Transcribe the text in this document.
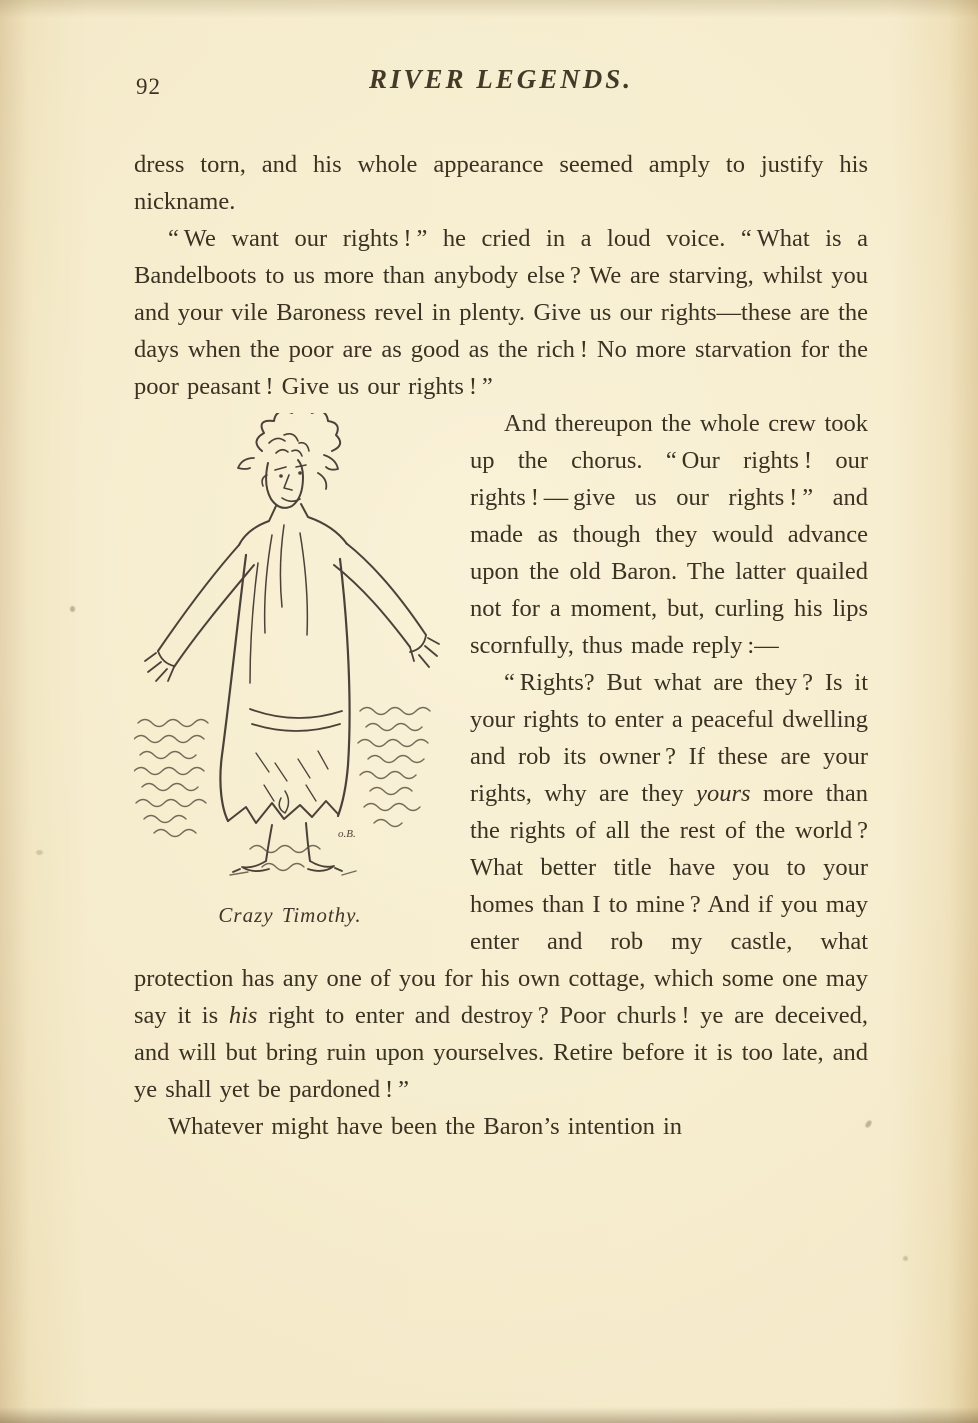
92	RIVER LEGENDS.

dress torn, and his whole appearance seemed amply to justify his nickname.

“ We want our rights ! ” he cried in a loud voice. “ What is a Bandelboots to us more than anybody else ? We are starving, whilst you and your vile Baroness revel in plenty. Give us our rights—these are the days when the poor are as good as the rich ! No more starvation for the poor peasant ! Give us our rights ! ”

o.B.
Crazy Timothy.

And thereupon the whole crew took up the chorus. “ Our rights ! our rights ! — give us our rights ! ” and made as though they would advance upon the old Baron. The latter quailed not for a moment, but, curling his lips scornfully, thus made reply :—

“ Rights? But what are they ? Is it your rights to enter a peaceful dwelling and rob its owner ? If these are your rights, why are they yours more than the rights of all the rest of the world ? What better title have you to your homes than I to mine ? And if you may enter and rob my castle, what protection has any one of you for his own cottage, which some one may say it is his right to enter and destroy ? Poor churls ! ye are deceived, and will but bring ruin upon yourselves. Retire before it is too late, and ye shall yet be pardoned ! ”

Whatever might have been the Baron’s intention in
